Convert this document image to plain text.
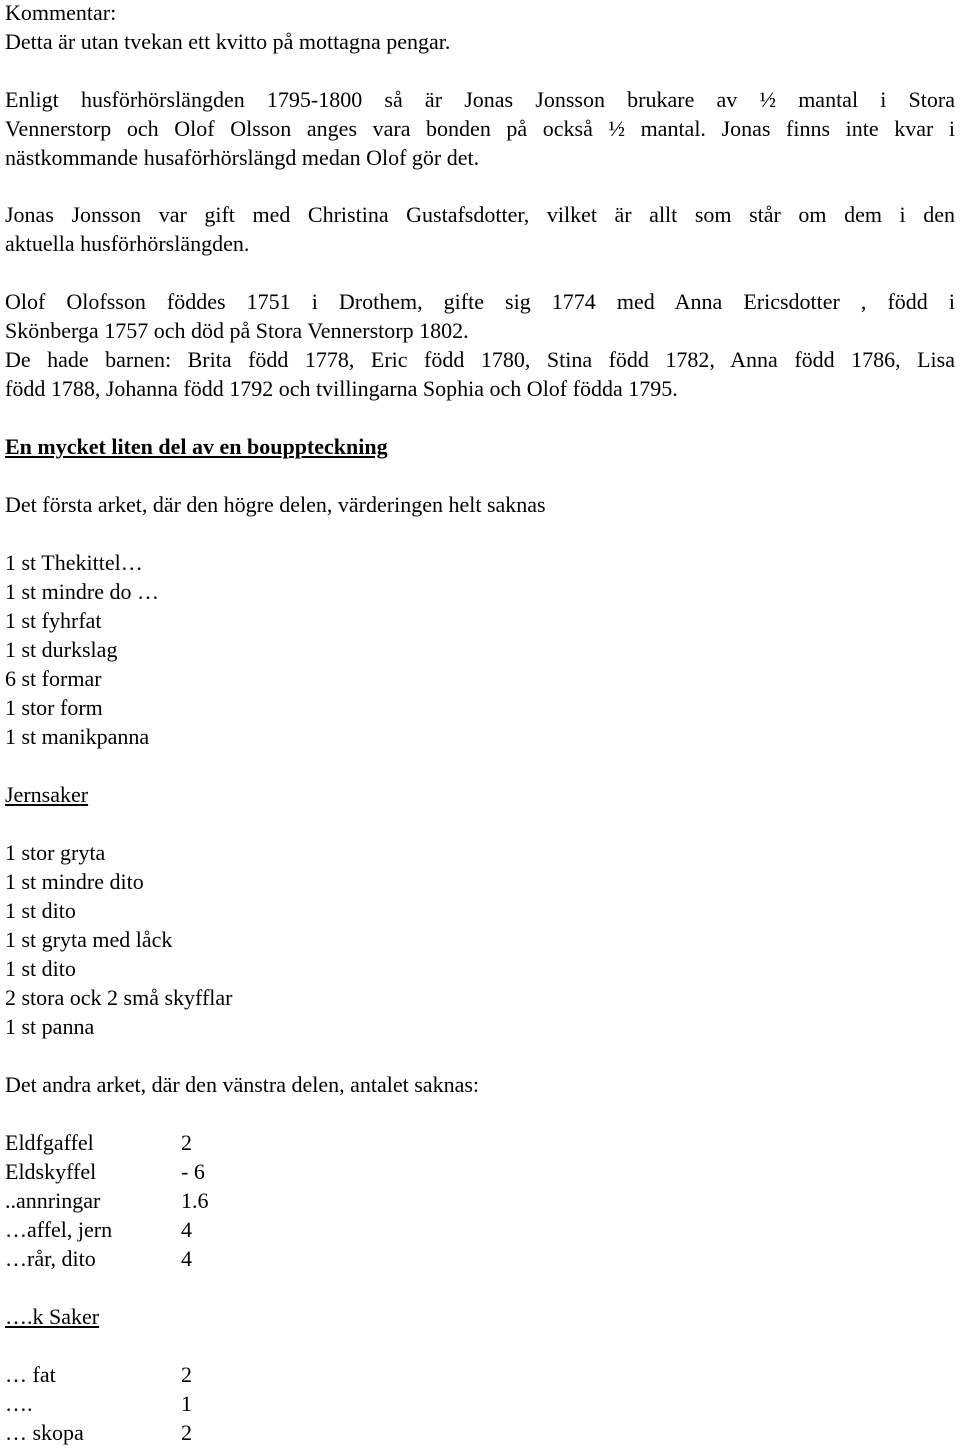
Kommentar:
Detta är utan tvekan ett kvitto på mottagna pengar.
Enligt husförhörslängden 1795-1800 så är Jonas Jonsson brukare av ½ mantal i Stora
Vennerstorp och Olof Olsson anges vara bonden på också ½ mantal. Jonas finns inte kvar i
nästkommande husaförhörslängd medan Olof gör det.
Jonas Jonsson var gift med Christina Gustafsdotter, vilket är allt som står om dem i den
aktuella husförhörslängden.
Olof Olofsson föddes 1751 i Drothem, gifte sig 1774 med Anna Ericsdotter , född i
Skönberga 1757 och död på Stora Vennerstorp 1802.
De hade barnen: Brita född 1778, Eric född 1780, Stina född 1782, Anna född 1786, Lisa
född 1788, Johanna född 1792 och tvillingarna Sophia och Olof födda 1795.
En mycket liten del av en bouppteckning
Det första arket, där den högre delen, värderingen helt saknas
1 st Thekittel…
1 st mindre do …
1 st fyhrfat
1 st durkslag
6 st formar
1 stor form
1 st manikpanna
Jernsaker
1 stor gryta
1 st mindre dito
1 st dito
1 st gryta med låck
1 st dito
2 stora ock 2 små skyfflar
1 st panna
Det andra arket, där den vänstra delen, antalet saknas:
Eldfgaffel	2
Eldskyffel	- 6
..annringar	1.6
…affel, jern	4
…rår, dito	4
….k Saker
… fat	2
….	1
… skopa	2
